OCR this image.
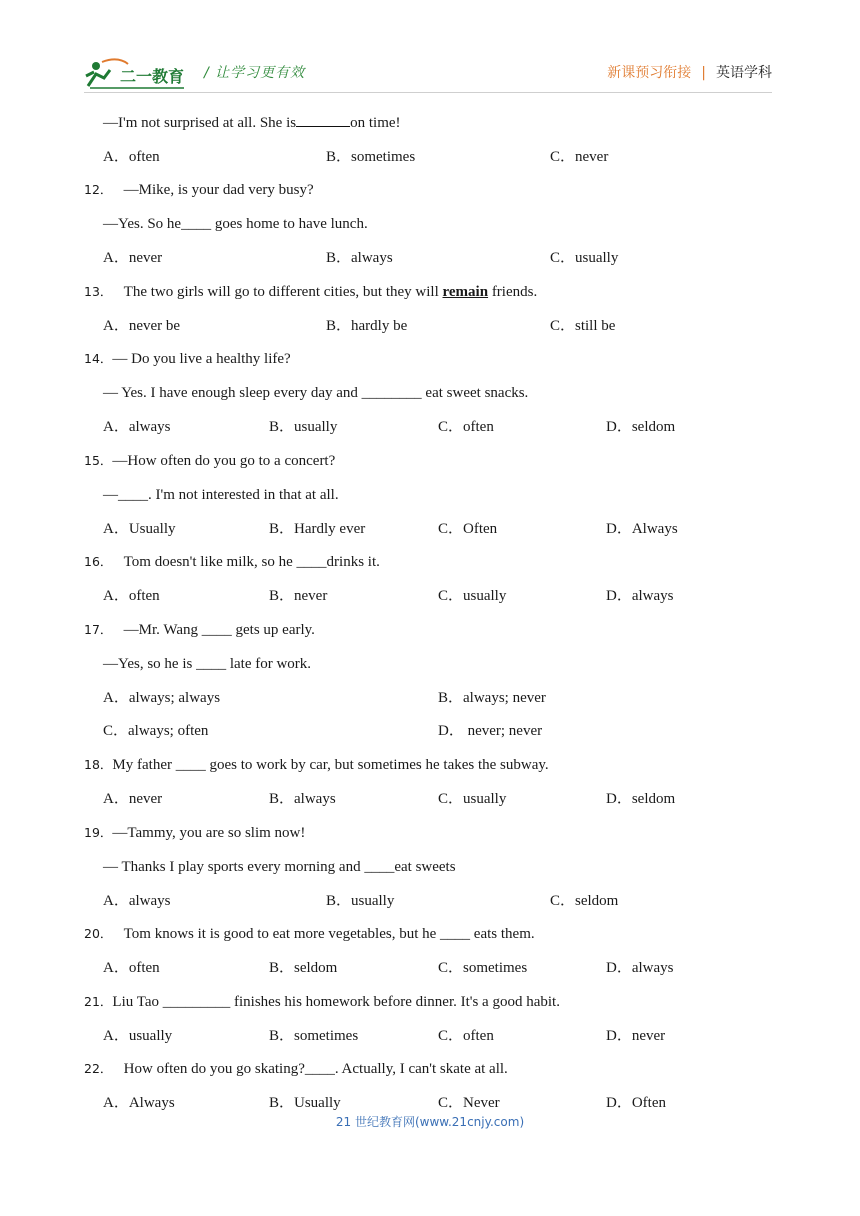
二一教育 / 让学习更有效	新课预习衔接 | 英语学科
—I'm not surprised at all. She is	on time!
A．often	B．sometimes	C．never
12． —Mike, is your dad very busy?
—Yes. So he____ goes home to have lunch.
A．never	B．always	C．usually
13．   The two girls will go to different cities, but they will remain friends.
A．never be	B．hardly be	C．still be
14．— Do you live a healthy life?
— Yes. I have enough sleep every day and ________ eat sweet snacks.
A．always	B．usually	C．often	D．seldom
15．—How often do you go to a concert?
—____. I'm not interested in that at all.
A．Usually	B．Hardly ever	C．Often	D．Always
16． Tom doesn't like milk, so he ____drinks it.
A．often	B．never	C．usually	D．always
17． —Mr. Wang ____ gets up early.
—Yes, so he is ____ late for work.
A．always; always	B．always; never
C．always; often	D． never; never
18．My father ____ goes to work by car, but sometimes he takes the subway.
A．never	B．always	C．usually	D．seldom
19．—Tammy, you are so slim now!
— Thanks I play sports every morning and ____eat sweets
A．always	B．usually	C．seldom
20． Tom knows it is good to eat more vegetables, but he ____ eats them.
A．often	B．seldom	C．sometimes	D．always
21．Liu Tao _________ finishes his homework before dinner. It's a good habit.
A．usually	B．sometimes	C．often	D．never
22． How often do you go skating?____. Actually, I can't skate at all.
A．Always	B．Usually	C．Never	D．Often
21 世纪教育网(www.21cnjy.com)
